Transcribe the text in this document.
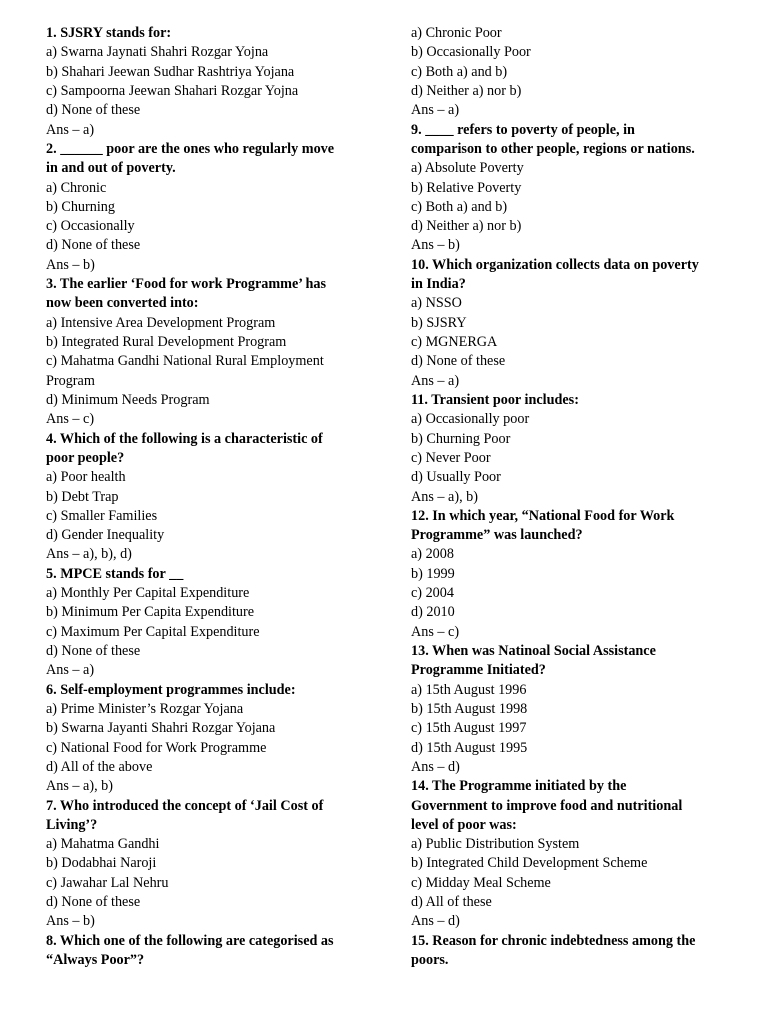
1. SJSRY stands for:
a) Swarna Jaynati Shahri Rozgar Yojna
b) Shahari Jeewan Sudhar Rashtriya Yojana
c) Sampoorna Jeewan Shahari Rozgar Yojna
d) None of these
Ans – a)
2. ______ poor are the ones who regularly move
in and out of poverty.
a) Chronic
b) Churning
c) Occasionally
d) None of these
Ans – b)
3. The earlier ‘Food for work Programme’ has
now been converted into:
a) Intensive Area Development Program
b) Integrated Rural Development Program
c) Mahatma Gandhi National Rural Employment
Program
d) Minimum Needs Program
Ans – c)
4. Which of the following is a characteristic of
poor people?
a) Poor health
b) Debt Trap
c) Smaller Families
d) Gender Inequality
Ans – a), b), d)
5. MPCE stands for __
a) Monthly Per Capital Expenditure
b) Minimum Per Capita Expenditure
c) Maximum Per Capital Expenditure
d) None of these
Ans – a)
6. Self-employment programmes include:
a) Prime Minister’s Rozgar Yojana
b) Swarna Jayanti Shahri Rozgar Yojana
c) National Food for Work Programme
d) All of the above
Ans – a), b)
7. Who introduced the concept of ‘Jail Cost of
Living’?
a) Mahatma Gandhi
b) Dodabhai Naroji
c) Jawahar Lal Nehru
d) None of these
Ans – b)
8. Which one of the following are categorised as
“Always Poor”?
a) Chronic Poor
b) Occasionally Poor
c) Both a) and b)
d) Neither a) nor b)
Ans – a)
9. ____ refers to poverty of people, in
comparison to other people, regions or nations.
a) Absolute Poverty
b) Relative Poverty
c) Both a) and b)
d) Neither a) nor b)
Ans – b)
10. Which organization collects data on poverty
in India?
a) NSSO
b) SJSRY
c) MGNERGA
d) None of these
Ans – a)
11. Transient poor includes:
a) Occasionally poor
b) Churning Poor
c) Never Poor
d) Usually Poor
Ans – a), b)
12. In which year, “National Food for Work
Programme” was launched?
a) 2008
b) 1999
c) 2004
d) 2010
Ans – c)
13. When was Natinoal Social Assistance
Programme Initiated?
a) 15th August 1996
b) 15th August 1998
c) 15th August 1997
d) 15th August 1995
Ans – d)
14. The Programme initiated by the
Government to improve food and nutritional
level of poor was:
a) Public Distribution System
b) Integrated Child Development Scheme
c) Midday Meal Scheme
d) All of these
Ans – d)
15. Reason for chronic indebtedness among the
poors.
